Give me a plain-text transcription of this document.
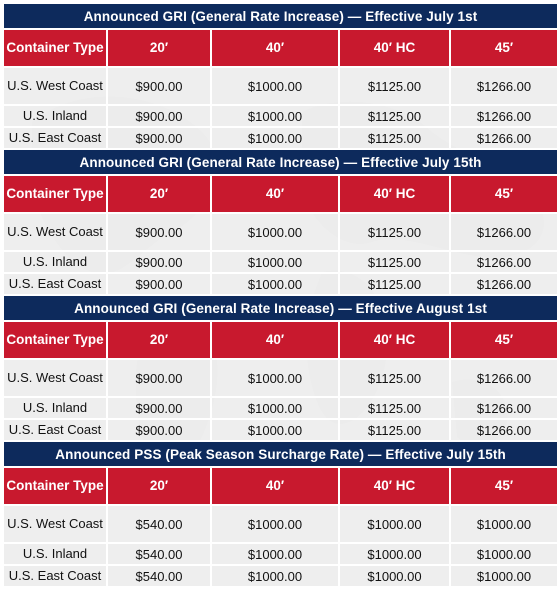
Announced GRI (General Rate Increase) — Effective July 1st				
Container Type	20′	40′	40′ HC	45′
U.S. West Coast	$900.00	$1000.00	$1125.00	$1266.00
U.S. Inland	$900.00	$1000.00	$1125.00	$1266.00
U.S. East Coast	$900.00	$1000.00	$1125.00	$1266.00
Announced GRI (General Rate Increase) — Effective July 15th				
Container Type	20′	40′	40′ HC	45′
U.S. West Coast	$900.00	$1000.00	$1125.00	$1266.00
U.S. Inland	$900.00	$1000.00	$1125.00	$1266.00
U.S. East Coast	$900.00	$1000.00	$1125.00	$1266.00
Announced GRI (General Rate Increase) — Effective August 1st				
Container Type	20′	40′	40′ HC	45′
U.S. West Coast	$900.00	$1000.00	$1125.00	$1266.00
U.S. Inland	$900.00	$1000.00	$1125.00	$1266.00
U.S. East Coast	$900.00	$1000.00	$1125.00	$1266.00
Announced PSS (Peak Season Surcharge Rate) — Effective July 15th				
Container Type	20′	40′	40′ HC	45′
U.S. West Coast	$540.00	$1000.00	$1000.00	$1000.00
U.S. Inland	$540.00	$1000.00	$1000.00	$1000.00
U.S. East Coast	$540.00	$1000.00	$1000.00	$1000.00
